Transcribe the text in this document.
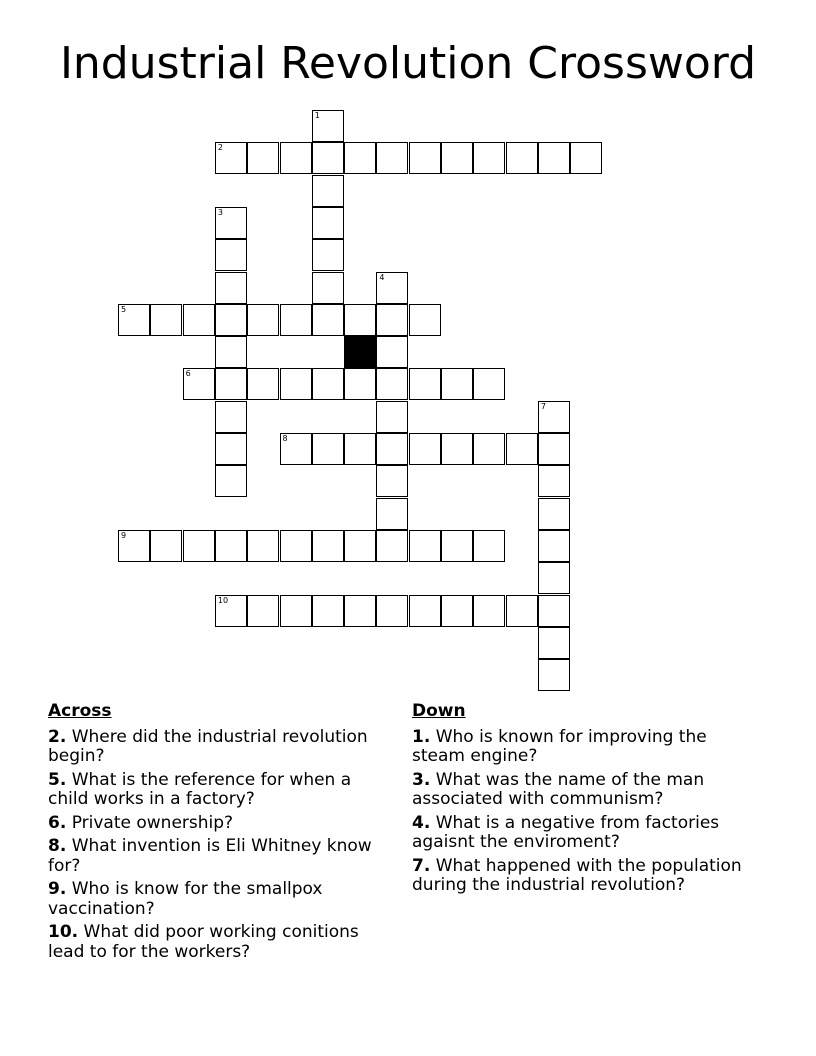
Industrial Revolution Crossword
2
5
6
8
9
10
1
3
4
7
Across
2. Where did the industrial revolution begin?
5. What is the reference for when a child works in a factory?
6. Private ownership?
8. What invention is Eli Whitney know for?
9. Who is know for the smallpox vaccination?
10. What did poor working conitions lead to for the workers?
Down
1. Who is known for improving the steam engine?
3. What was the name of the man associated with communism?
4. What is a negative from factories agaisnt the enviroment?
7. What happened with the population during the industrial revolution?
